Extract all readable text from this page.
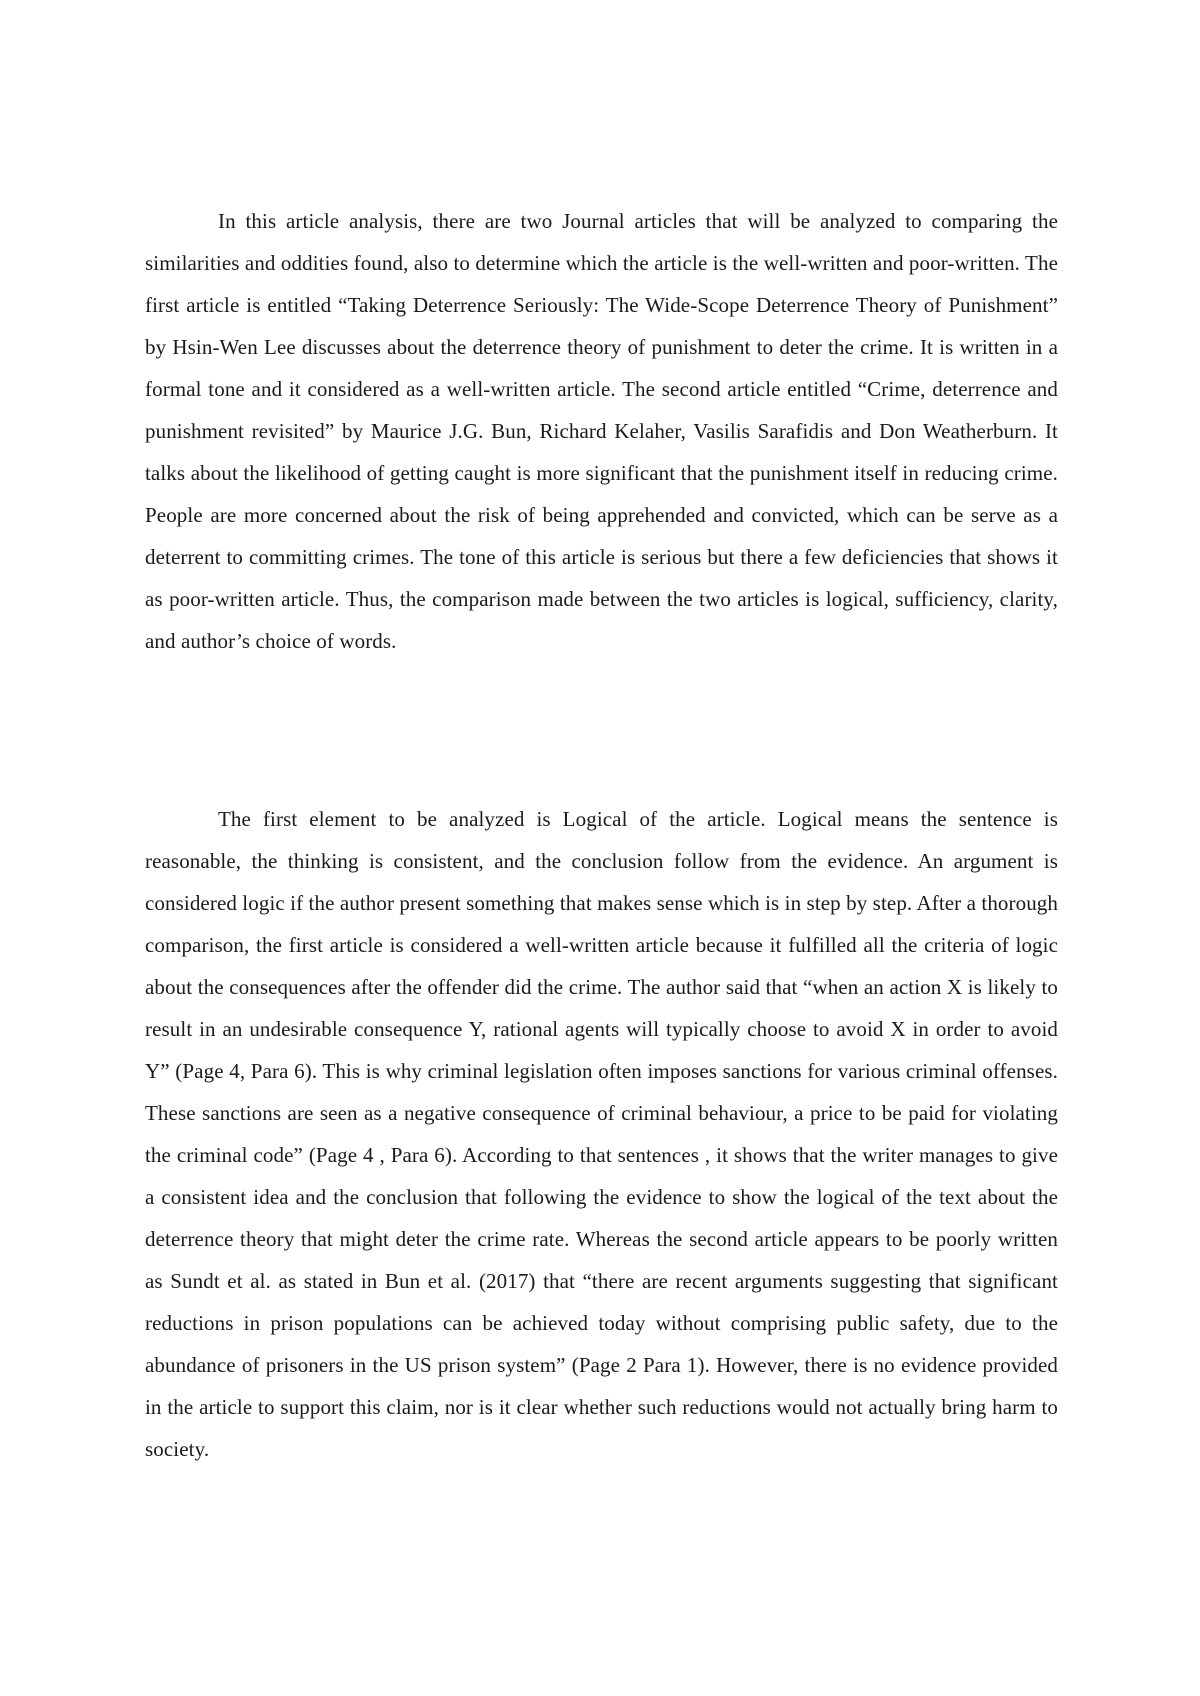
In this article analysis, there are two Journal articles that will be analyzed to comparing the similarities and oddities found, also to determine which the article is the well-written and poor-written. The first article is entitled “Taking Deterrence Seriously: The Wide-Scope Deterrence Theory of Punishment” by Hsin-Wen Lee discusses about the deterrence theory of punishment to deter the crime. It is written in a formal tone and it considered as a well-written article. The second article entitled “Crime, deterrence and punishment revisited” by Maurice J.G. Bun, Richard Kelaher, Vasilis Sarafidis and Don Weatherburn. It talks about the likelihood of getting caught is more significant that the punishment itself in reducing crime. People are more concerned about the risk of being apprehended and convicted, which can be serve as a deterrent to committing crimes. The tone of this article is serious but there a few deficiencies that shows it as poor-written article. Thus, the comparison made between the two articles is logical, sufficiency, clarity, and author’s choice of words.

The first element to be analyzed is Logical of the article. Logical means the sentence is reasonable, the thinking is consistent, and the conclusion follow from the evidence. An argument is considered logic if the author present something that makes sense which is in step by step. After a thorough comparison, the first article is considered a well-written article because it fulfilled all the criteria of logic about the consequences after the offender did the crime. The author said that “when an action X is likely to result in an undesirable consequence Y, rational agents will typically choose to avoid X in order to avoid Y” (Page 4, Para 6). This is why criminal legislation often imposes sanctions for various criminal offenses. These sanctions are seen as a negative consequence of criminal behaviour, a price to be paid for violating the criminal code” (Page 4 , Para 6). According to that sentences , it shows that the writer manages to give a consistent idea and the conclusion that following the evidence to show the logical of the text about the deterrence theory that might deter the crime rate. Whereas the second article appears to be poorly written as Sundt et al. as stated in Bun et al. (2017) that “there are recent arguments suggesting that significant reductions in prison populations can be achieved today without comprising public safety, due to the abundance of prisoners in the US prison system” (Page 2 Para 1). However, there is no evidence provided in the article to support this claim, nor is it clear whether such reductions would not actually bring harm to society.
